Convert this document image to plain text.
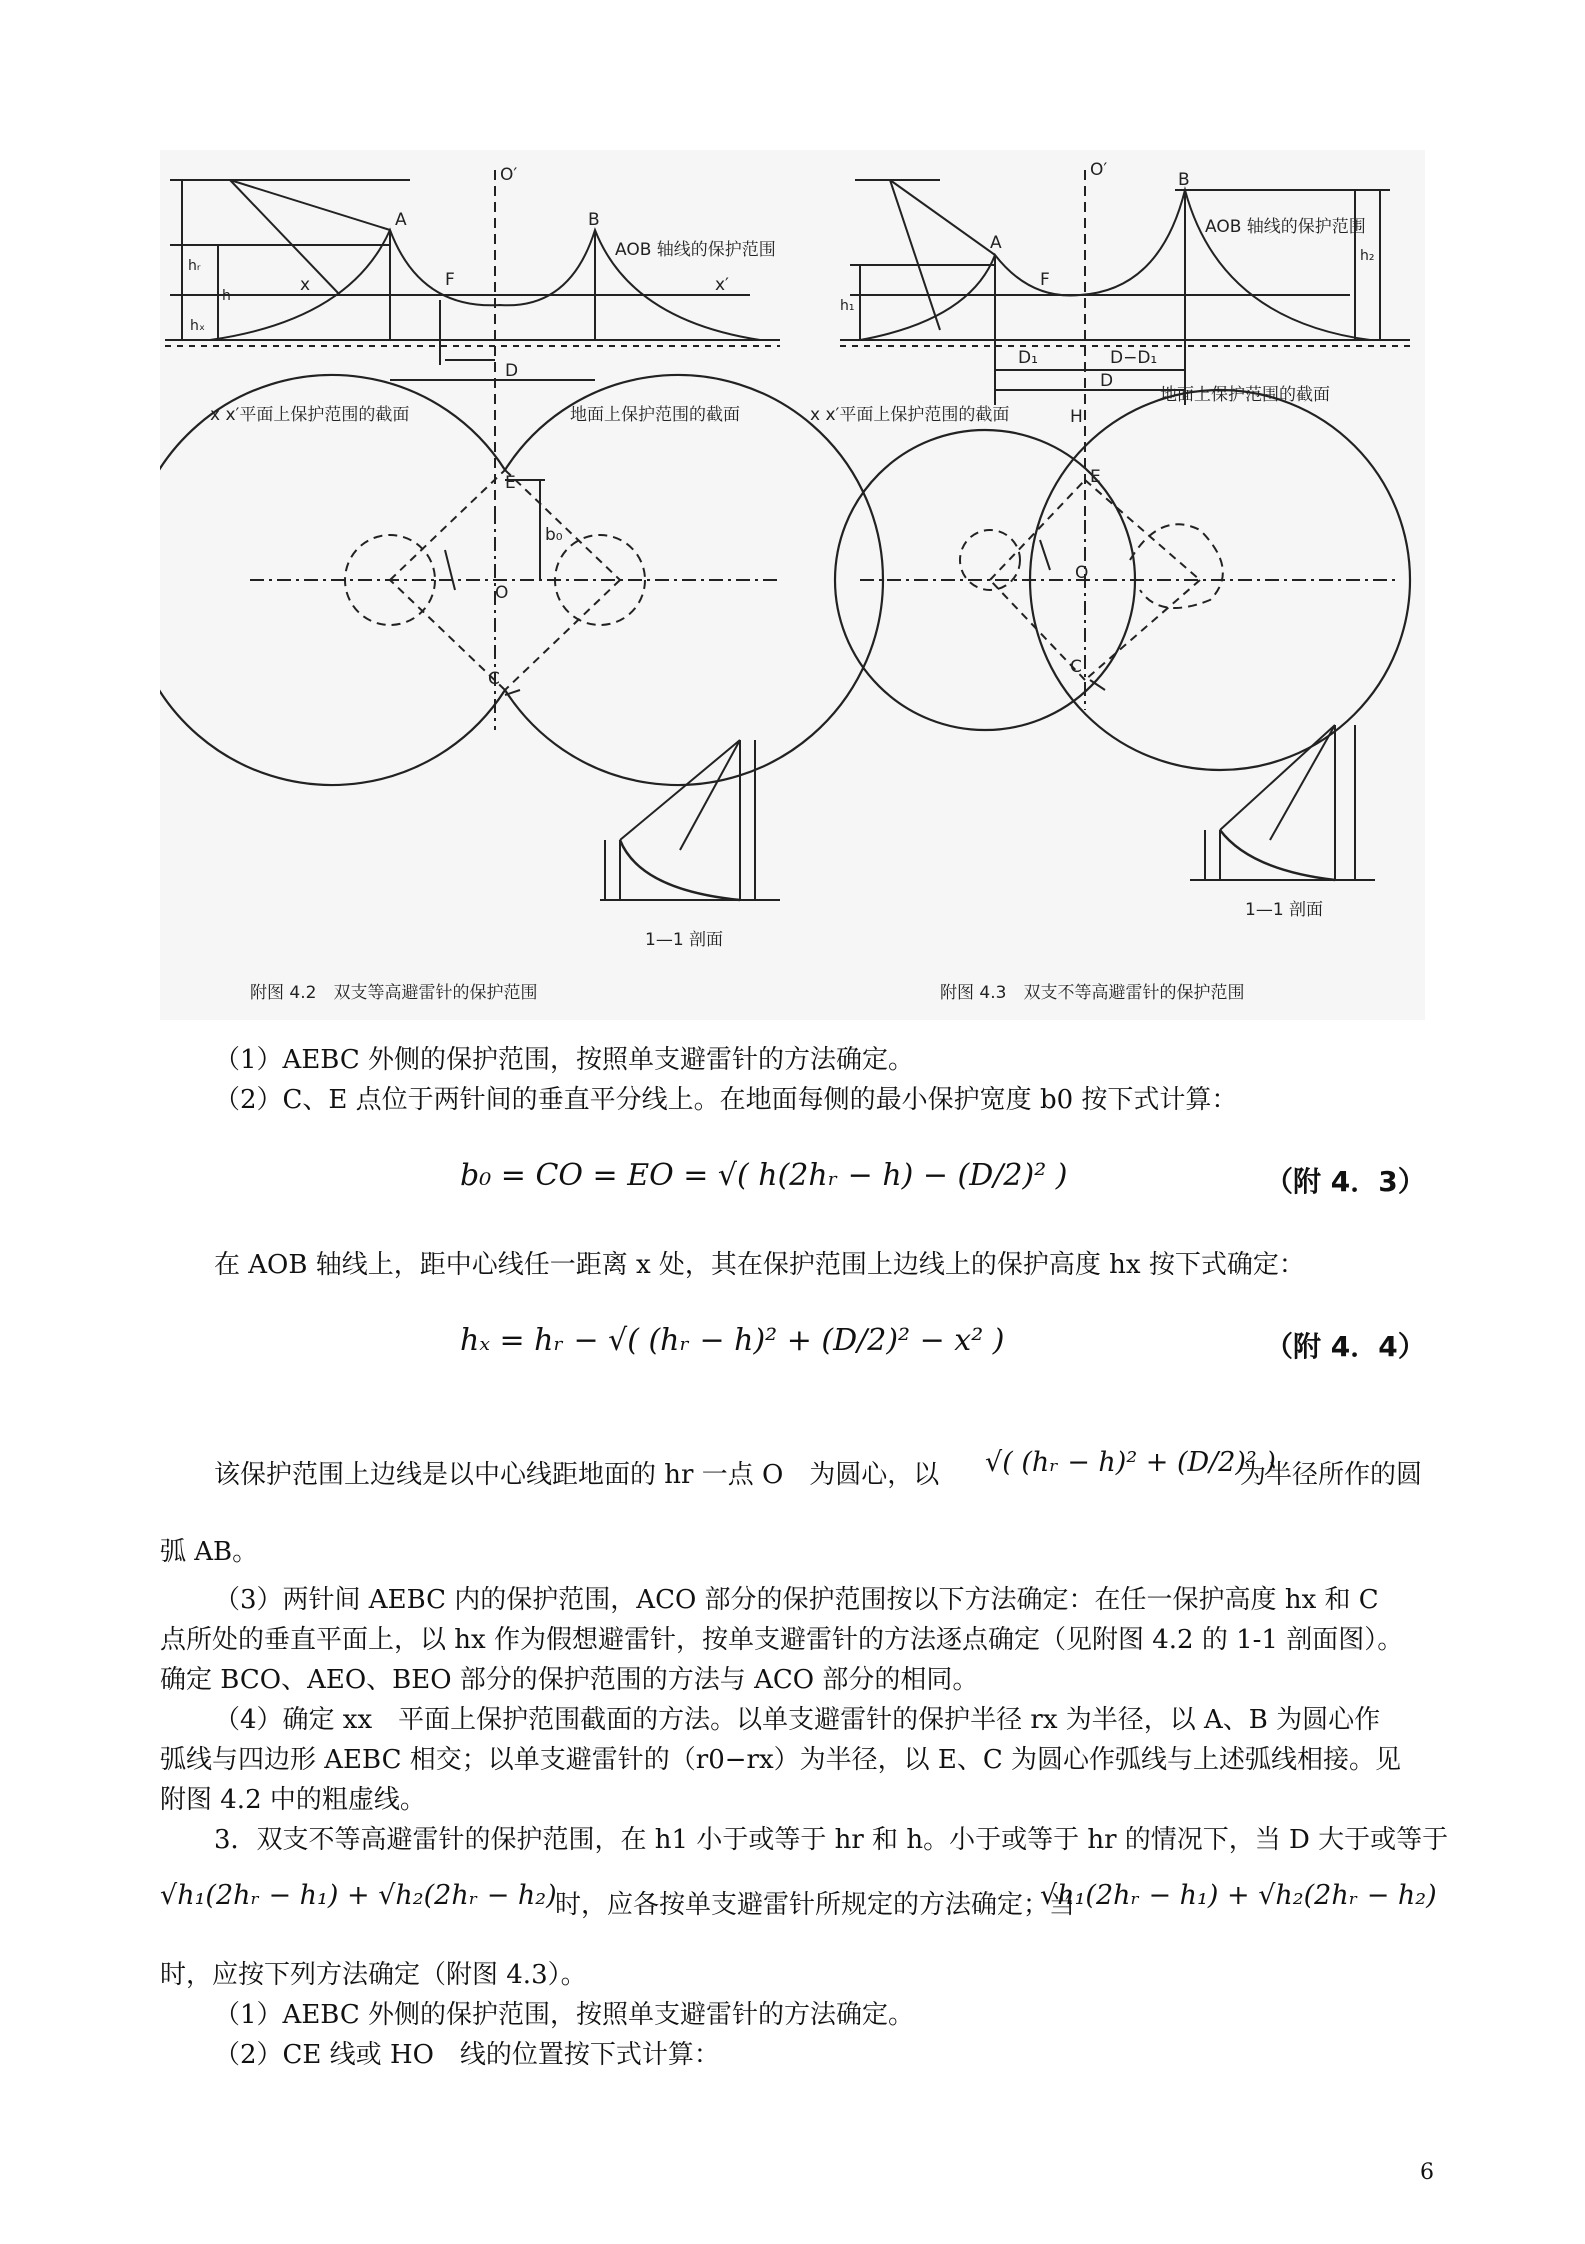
A	B
F
O′
x	x′
D
C
E
O
b₀
hₓ
hᵣ
h
AOB 轴线的保护范围
x x′平面上保护范围的截面	地面上保护范围的截面
1—1 剖面
附图 4.2　双支等高避雷针的保护范围
A
B
F
O′
H
D₁	D−D₁
D
C
E
O
h₁
h₂
AOB 轴线的保护范围
x x′平面上保护范围的截面
地面上保护范围的截面
1—1 剖面
附图 4.3　双支不等高避雷针的保护范围
（1）AEBC 外侧的保护范围，按照单支避雷针的方法确定。
（2）C、E 点位于两针间的垂直平分线上。在地面每侧的最小保护宽度 b0 按下式计算：
b₀ = CO = EO = √( h(2hᵣ − h) − (D/2)² )	（附 4．3）
在 AOB 轴线上，距中心线任一距离 x 处，其在保护范围上边线上的保护高度 hx 按下式确定：
hₓ = hᵣ − √( (hᵣ − h)² + (D/2)² − x² )	（附 4．4）
该保护范围上边线是以中心线距地面的 hr 一点 O　为圆心，以	√( (hᵣ − h)² + (D/2)² )
为半径所作的圆
弧 AB。
（3）两针间 AEBC 内的保护范围，ACO 部分的保护范围按以下方法确定：在任一保护高度 hx 和 C
点所处的垂直平面上，以 hx 作为假想避雷针，按单支避雷针的方法逐点确定（见附图 4.2 的 1-1 剖面图）。
确定 BCO、AEO、BEO 部分的保护范围的方法与 ACO 部分的相同。
（4）确定 xx　平面上保护范围截面的方法。以单支避雷针的保护半径 rx 为半径，以 A、B 为圆心作
弧线与四边形 AEBC 相交；以单支避雷针的（r0−rx）为半径，以 E、C 为圆心作弧线与上述弧线相接。见
附图 4.2 中的粗虚线。
3．双支不等高避雷针的保护范围，在 h1 小于或等于 hr 和 h。小于或等于 hr 的情况下，当 D 大于或等于
√h₁(2hᵣ − h₁) + √h₂(2hᵣ − h₂)
时，应各按单支避雷针所规定的方法确定；当
√h₁(2hᵣ − h₁) + √h₂(2hᵣ − h₂)
时，应按下列方法确定（附图 4.3）。
（1）AEBC 外侧的保护范围，按照单支避雷针的方法确定。
（2）CE 线或 HO　线的位置按下式计算：
6
